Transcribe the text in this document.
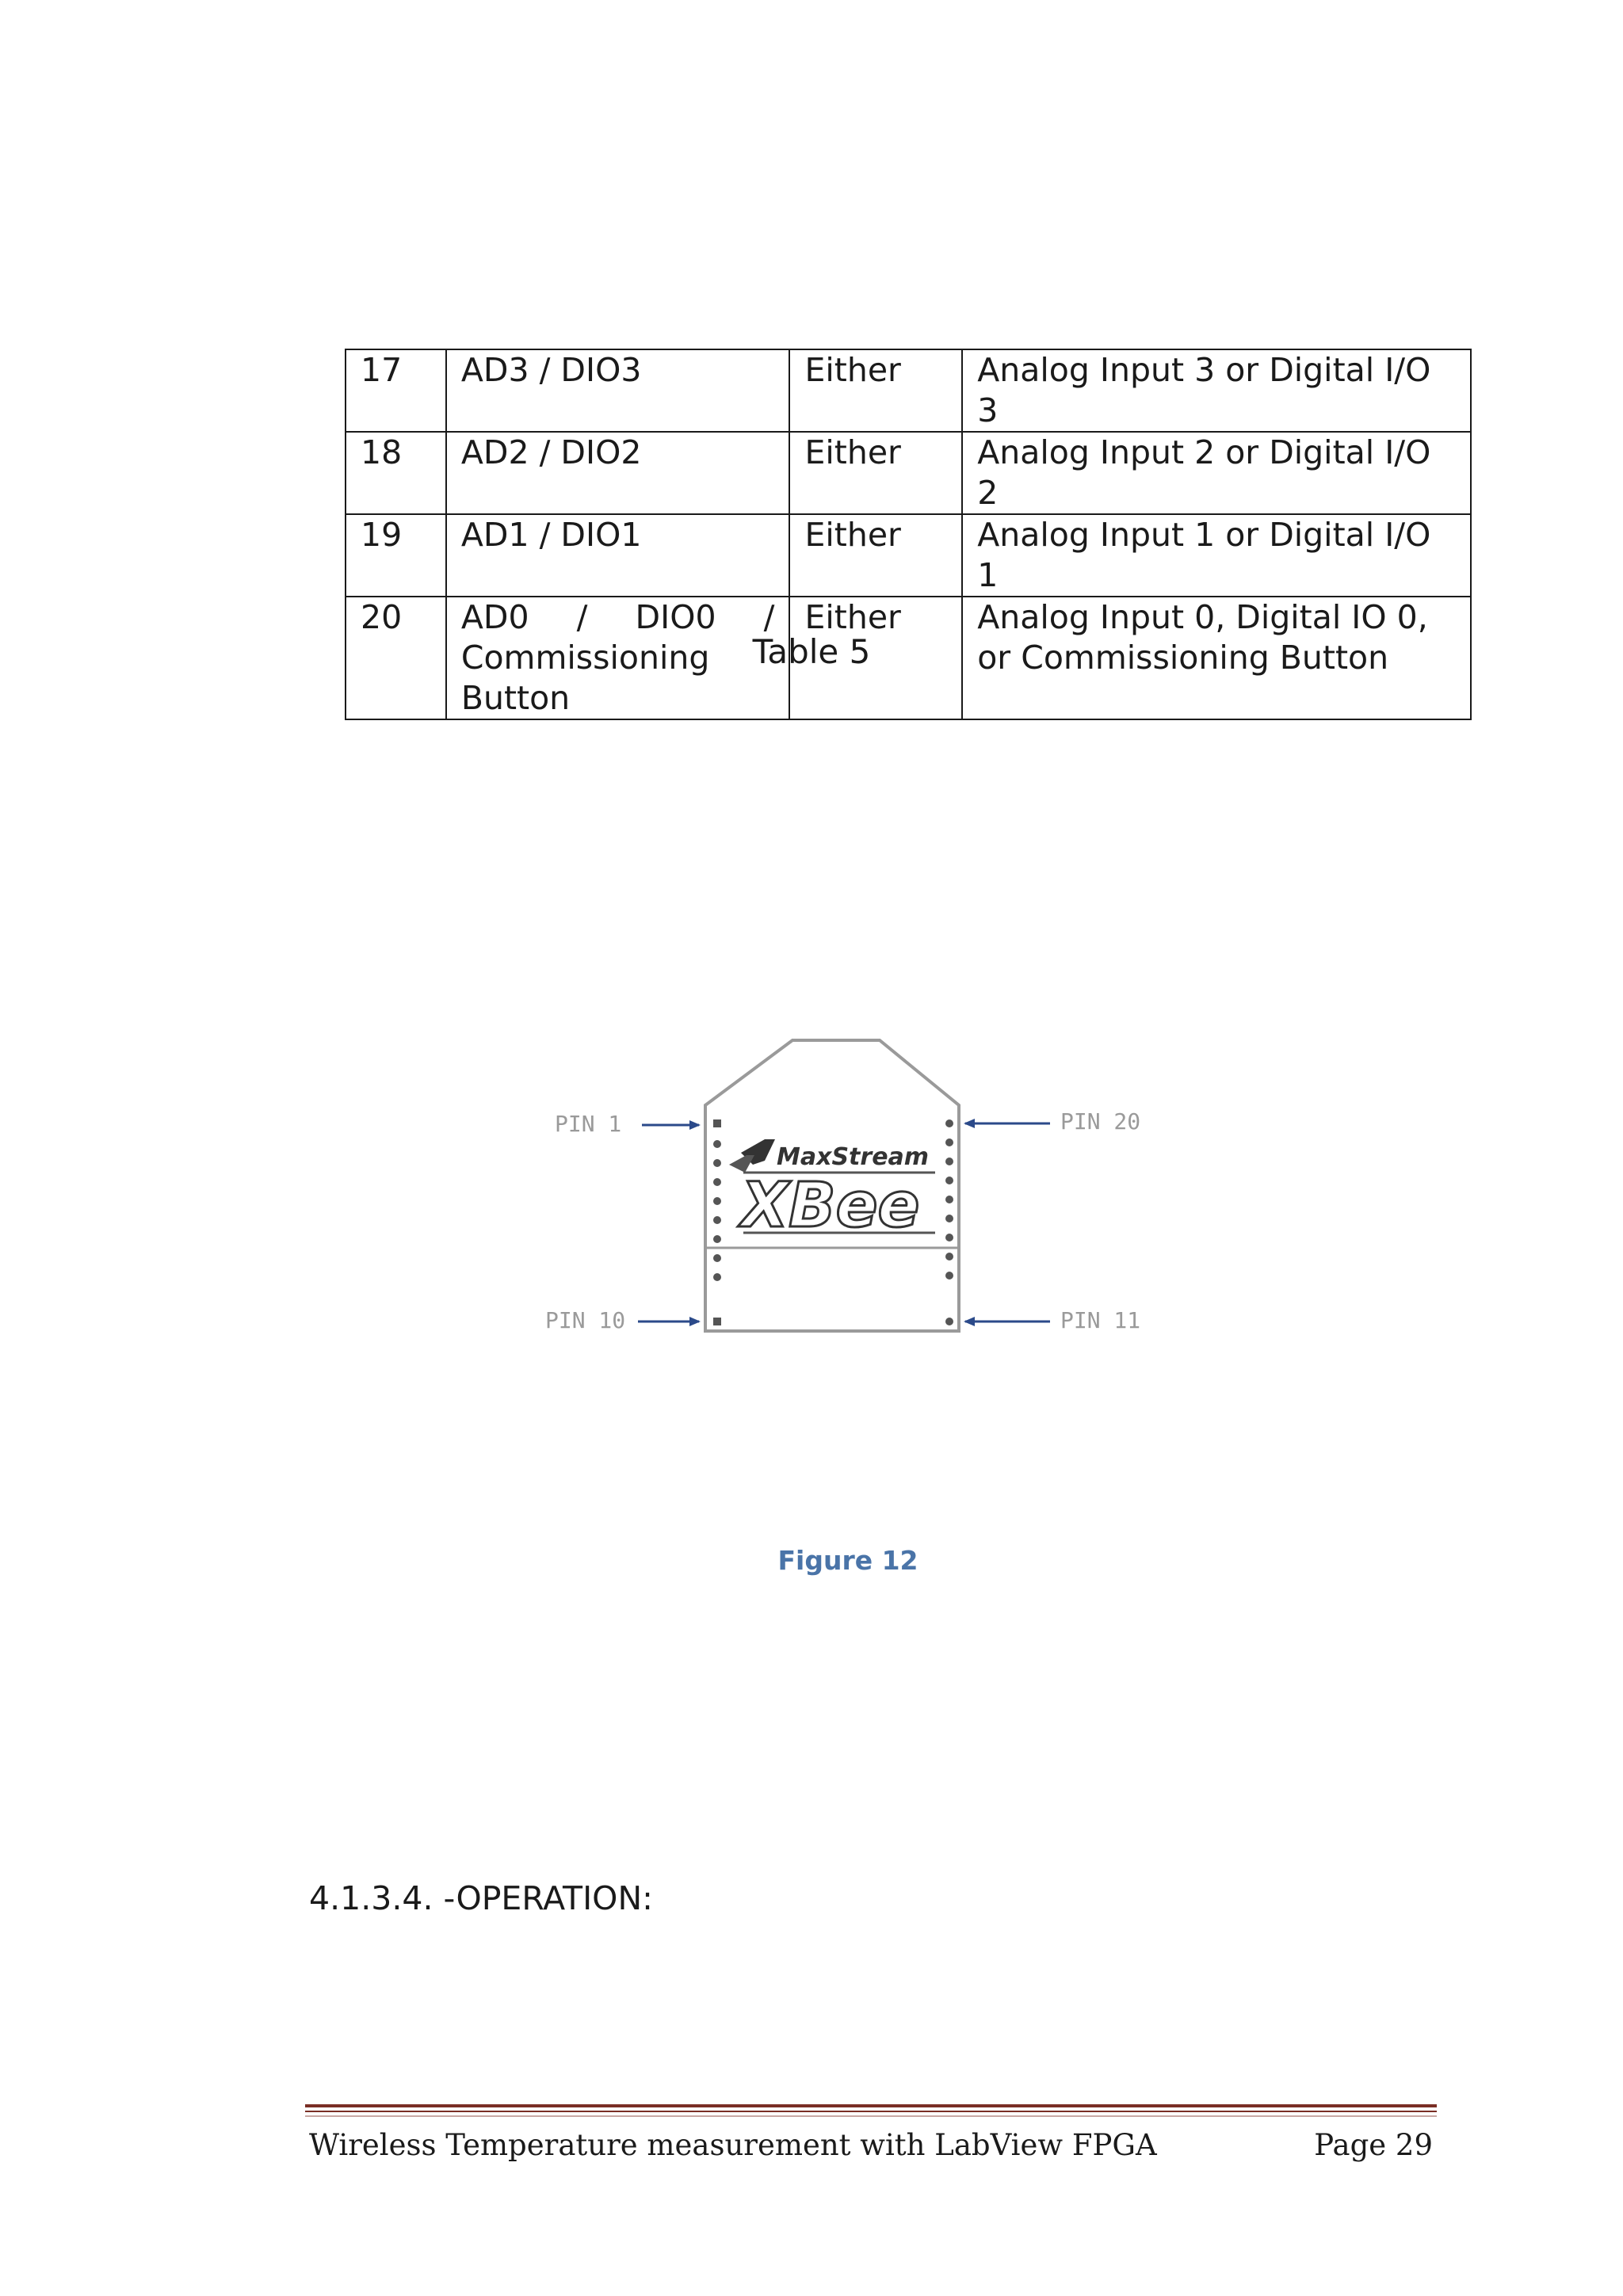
17	AD3 / DIO3	Either	Analog Input 3 or Digital I/O 3
18	AD2 / DIO2	Either	Analog Input 2 or Digital I/O 2
19	AD1 / DIO1	Either	Analog Input 1 or Digital I/O 1
20	AD0 / DIO0 / Commissioning Button	Either	Analog Input 0, Digital IO 0, or Commissioning Button
Table 5
MaxStream
XBee
PIN 1
PIN 10
PIN 20
PIN 11
Figure 12
4.1.3.4. -OPERATION:
Wireless Temperature measurement with LabView FPGA	Page 29
